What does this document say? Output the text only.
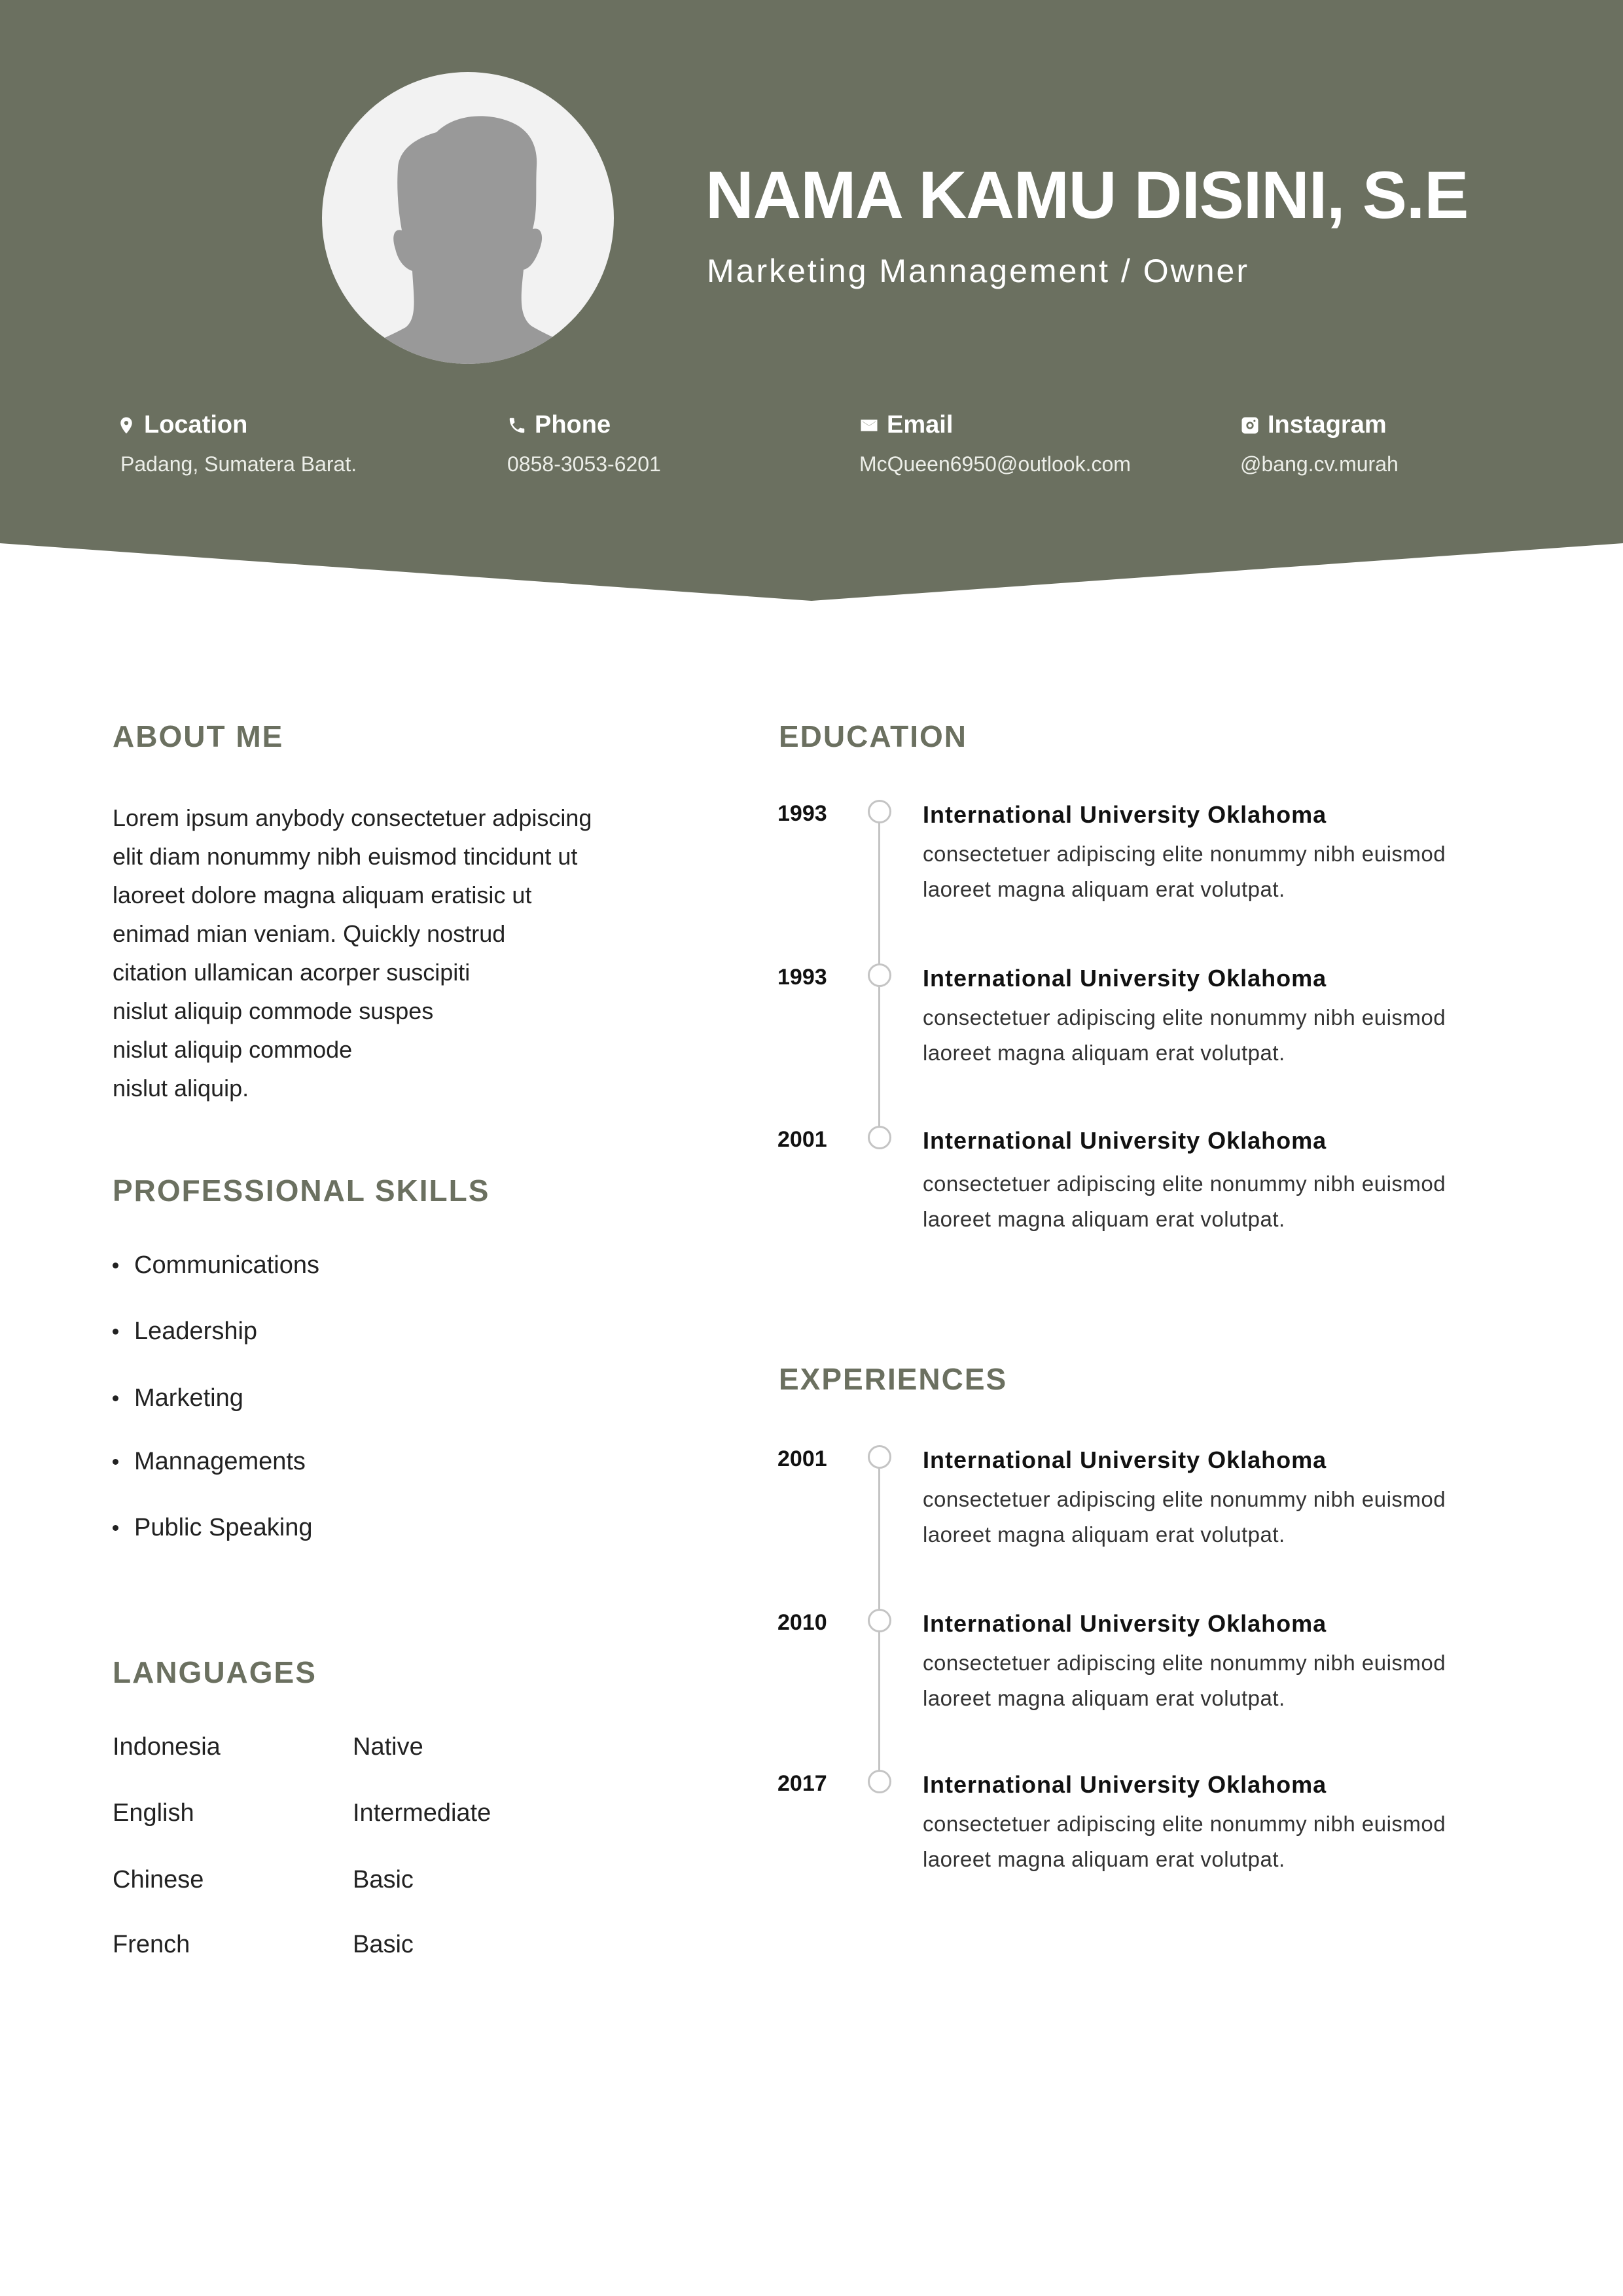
NAMA KAMU DISINI, S.E
Marketing Mannagement / Owner
Location
Padang, Sumatera Barat.
Phone
0858-3053-6201
Email
McQueen6950@outlook.com
Instagram
@bang.cv.murah
ABOUT ME
Lorem ipsum anybody consectetuer adpiscing
elit diam nonummy nibh euismod tincidunt ut
laoreet dolore magna aliquam eratisic ut
enimad mian veniam. Quickly nostrud
citation ullamican acorper suscipiti
nislut aliquip commode suspes
nislut aliquip commode
nislut aliquip.
PROFESSIONAL SKILLS
Communications
Leadership
Marketing
Mannagements
Public Speaking
LANGUAGES
Indonesia	Native
English	Intermediate
Chinese	Basic
French	Basic
EDUCATION
1993	International University Oklahoma
consectetuer adipiscing elite nonummy nibh euismod laoreet magna aliquam erat volutpat.
1993	International University Oklahoma
consectetuer adipiscing elite nonummy nibh euismod laoreet magna aliquam erat volutpat.
2001	International University Oklahoma
consectetuer adipiscing elite nonummy nibh euismod laoreet magna aliquam erat volutpat.
EXPERIENCES
2001	International University Oklahoma
consectetuer adipiscing elite nonummy nibh euismod laoreet magna aliquam erat volutpat.
2010	International University Oklahoma
consectetuer adipiscing elite nonummy nibh euismod laoreet magna aliquam erat volutpat.
2017	International University Oklahoma
consectetuer adipiscing elite nonummy nibh euismod laoreet magna aliquam erat volutpat.
